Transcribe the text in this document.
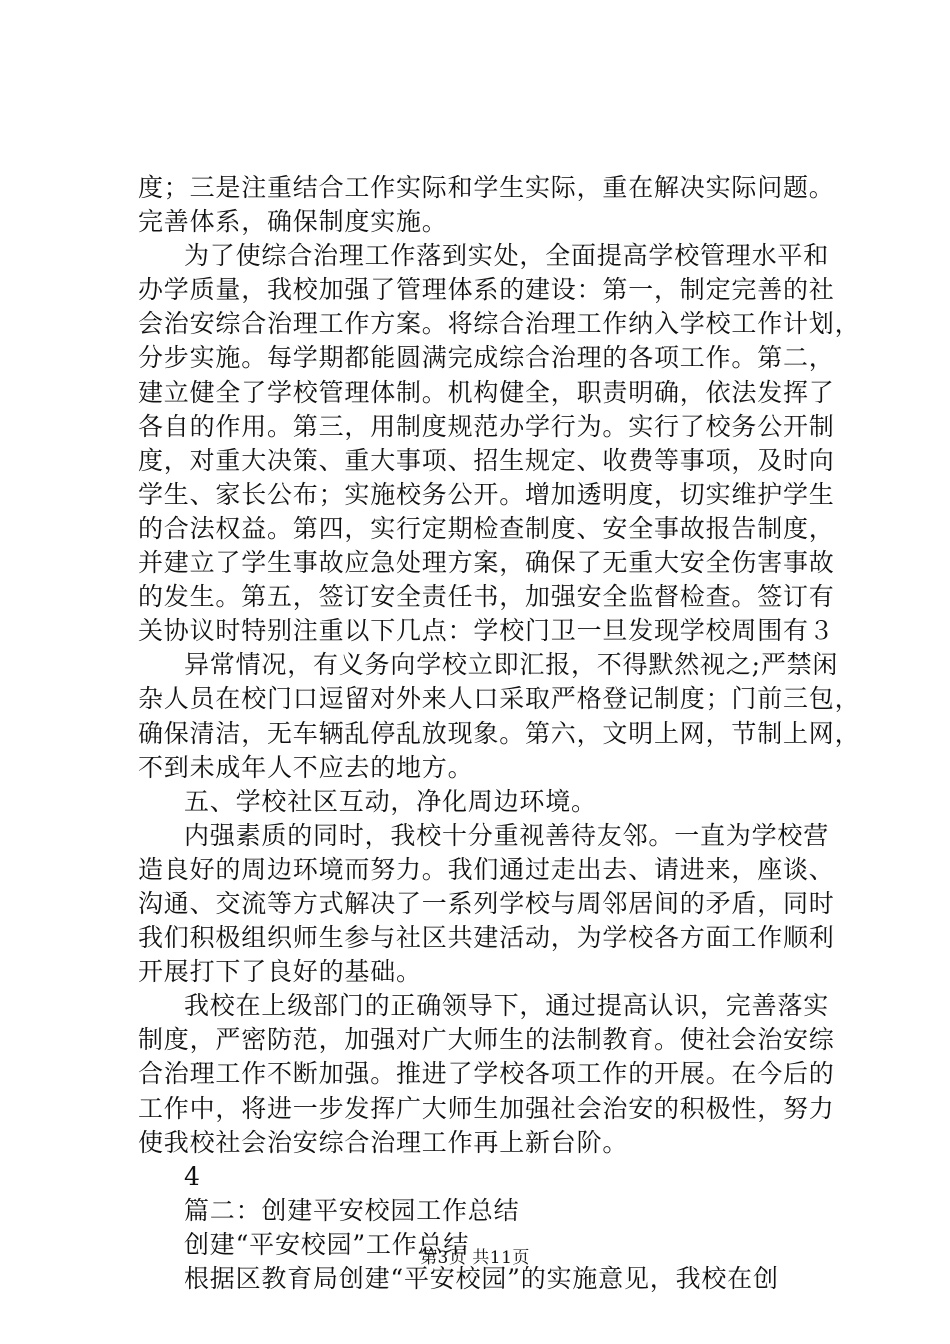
度；三是注重结合工作实际和学生实际，重在解决实际问题。
完善体系，确保制度实施。
为了使综合治理工作落到实处，全面提高学校管理水平和
办学质量，我校加强了管理体系的建设：第一，制定完善的社
会治安综合治理工作方案。将综合治理工作纳入学校工作计划，
分步实施。每学期都能圆满完成综合治理的各项工作。第二，
建立健全了学校管理体制。机构健全，职责明确，依法发挥了
各自的作用。第三，用制度规范办学行为。实行了校务公开制
度，对重大决策、重大事项、招生规定、收费等事项，及时向
学生、家长公布；实施校务公开。增加透明度，切实维护学生
的合法权益。第四，实行定期检查制度、安全事故报告制度，
并建立了学生事故应急处理方案，确保了无重大安全伤害事故
的发生。第五，签订安全责任书，加强安全监督检查。签订有
关协议时特别注重以下几点：学校门卫一旦发现学校周围有３
异常情况，有义务向学校立即汇报，不得默然视之;严禁闲
杂人员在校门口逗留对外来人口采取严格登记制度；门前三包，
确保清洁，无车辆乱停乱放现象。第六，文明上网，节制上网，
不到未成年人不应去的地方。
五、学校社区互动，净化周边环境。
内强素质的同时，我校十分重视善待友邻。一直为学校营
造良好的周边环境而努力。我们通过走出去、请进来，座谈、
沟通、交流等方式解决了一系列学校与周邻居间的矛盾，同时
我们积极组织师生参与社区共建活动，为学校各方面工作顺利
开展打下了良好的基础。
我校在上级部门的正确领导下，通过提高认识，完善落实
制度，严密防范，加强对广大师生的法制教育。使社会治安综
合治理工作不断加强。推进了学校各项工作的开展。在今后的
工作中，将进一步发挥广大师生加强社会治安的积极性，努力
使我校社会治安综合治理工作再上新台阶。
4
篇二：创建平安校园工作总结
创建“平安校园”工作总结
根据区教育局创建“平安校园”的实施意见，我校在创
第3页 共11页
